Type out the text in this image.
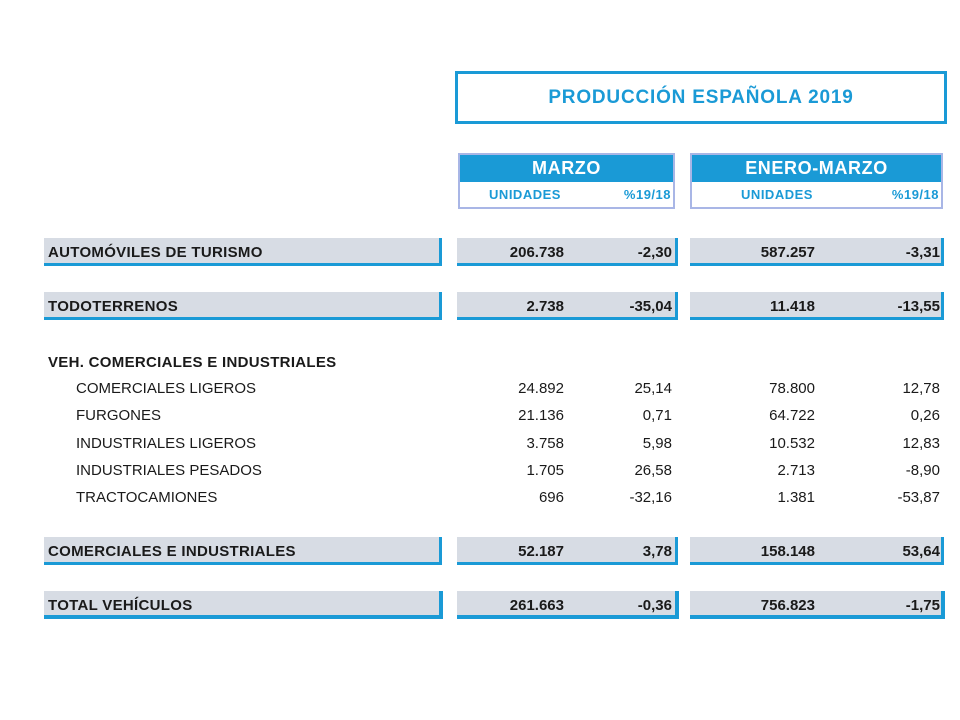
PRODUCCIÓN ESPAÑOLA 2019
MARZO
UNIDADES	%19/18
ENERO-MARZO
UNIDADES	%19/18
AUTOMÓVILES DE TURISMO	206.738	-2,30	587.257	-3,31
TODOTERRENOS	2.738	-35,04	11.418	-13,55
VEH. COMERCIALES E INDUSTRIALES
COMERCIALES LIGEROS	24.892	25,14	78.800	12,78
FURGONES	21.136	0,71	64.722	0,26
INDUSTRIALES LIGEROS	3.758	5,98	10.532	12,83
INDUSTRIALES PESADOS	1.705	26,58	2.713	-8,90
TRACTOCAMIONES	696	-32,16	1.381	-53,87
COMERCIALES E INDUSTRIALES	52.187	3,78	158.148	53,64
TOTAL VEHÍCULOS	261.663	-0,36	756.823	-1,75
